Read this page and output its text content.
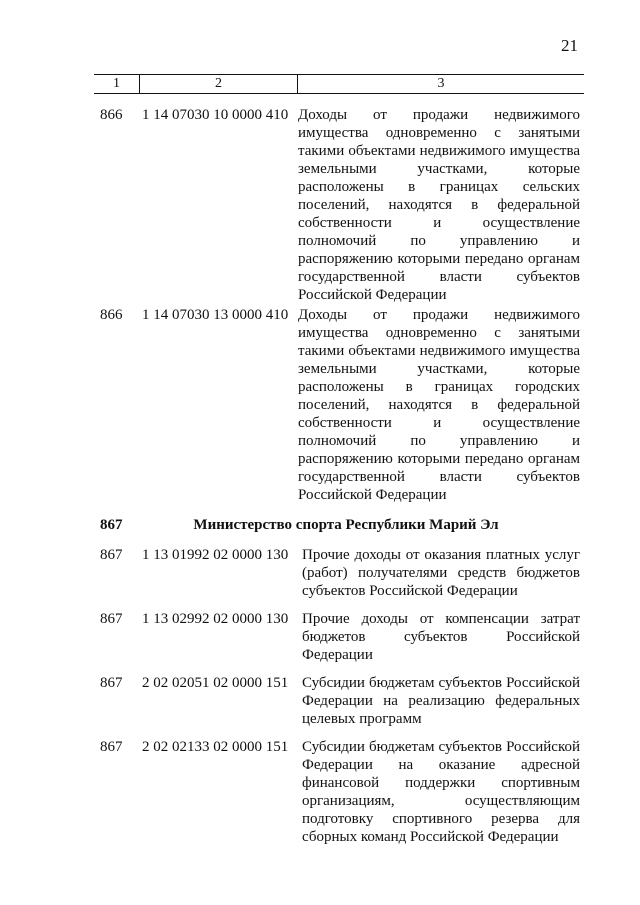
21
1	2	3
866	1 14 07030 10 0000 410 Доходы от продажи недвижимого имущества одновременно с занятыми такими объектами недвижимого имущества земельными участками, которые расположены в границах сельских поселений, находятся в федеральной собственности и осуществление полномочий по управлению и распоряжению которыми передано органам государственной власти субъектов Российской Федерации
866	1 14 07030 13 0000 410 Доходы от продажи недвижимого имущества одновременно с занятыми такими объектами недвижимого имущества земельными участками, которые расположены в границах городских поселений, находятся в федеральной собственности и осуществление полномочий по управлению и распоряжению которыми передано органам государственной власти субъектов Российской Федерации
867	Министерство спорта Республики Марий Эл
867	1 13 01992 02 0000 130 Прочие доходы от оказания платных услуг (работ) получателями средств бюджетов субъектов Российской Федерации
867	1 13 02992 02 0000 130 Прочие доходы от компенсации затрат бюджетов субъектов Российской Федерации
867	2 02 02051 02 0000 151 Субсидии бюджетам субъектов Российской Федерации на реализацию федеральных целевых программ
867	2 02 02133 02 0000 151 Субсидии бюджетам субъектов Российской Федерации на оказание адресной финансовой поддержки спортивным организациям, осуществляющим подготовку спортивного резерва для сборных команд Российской Федерации
